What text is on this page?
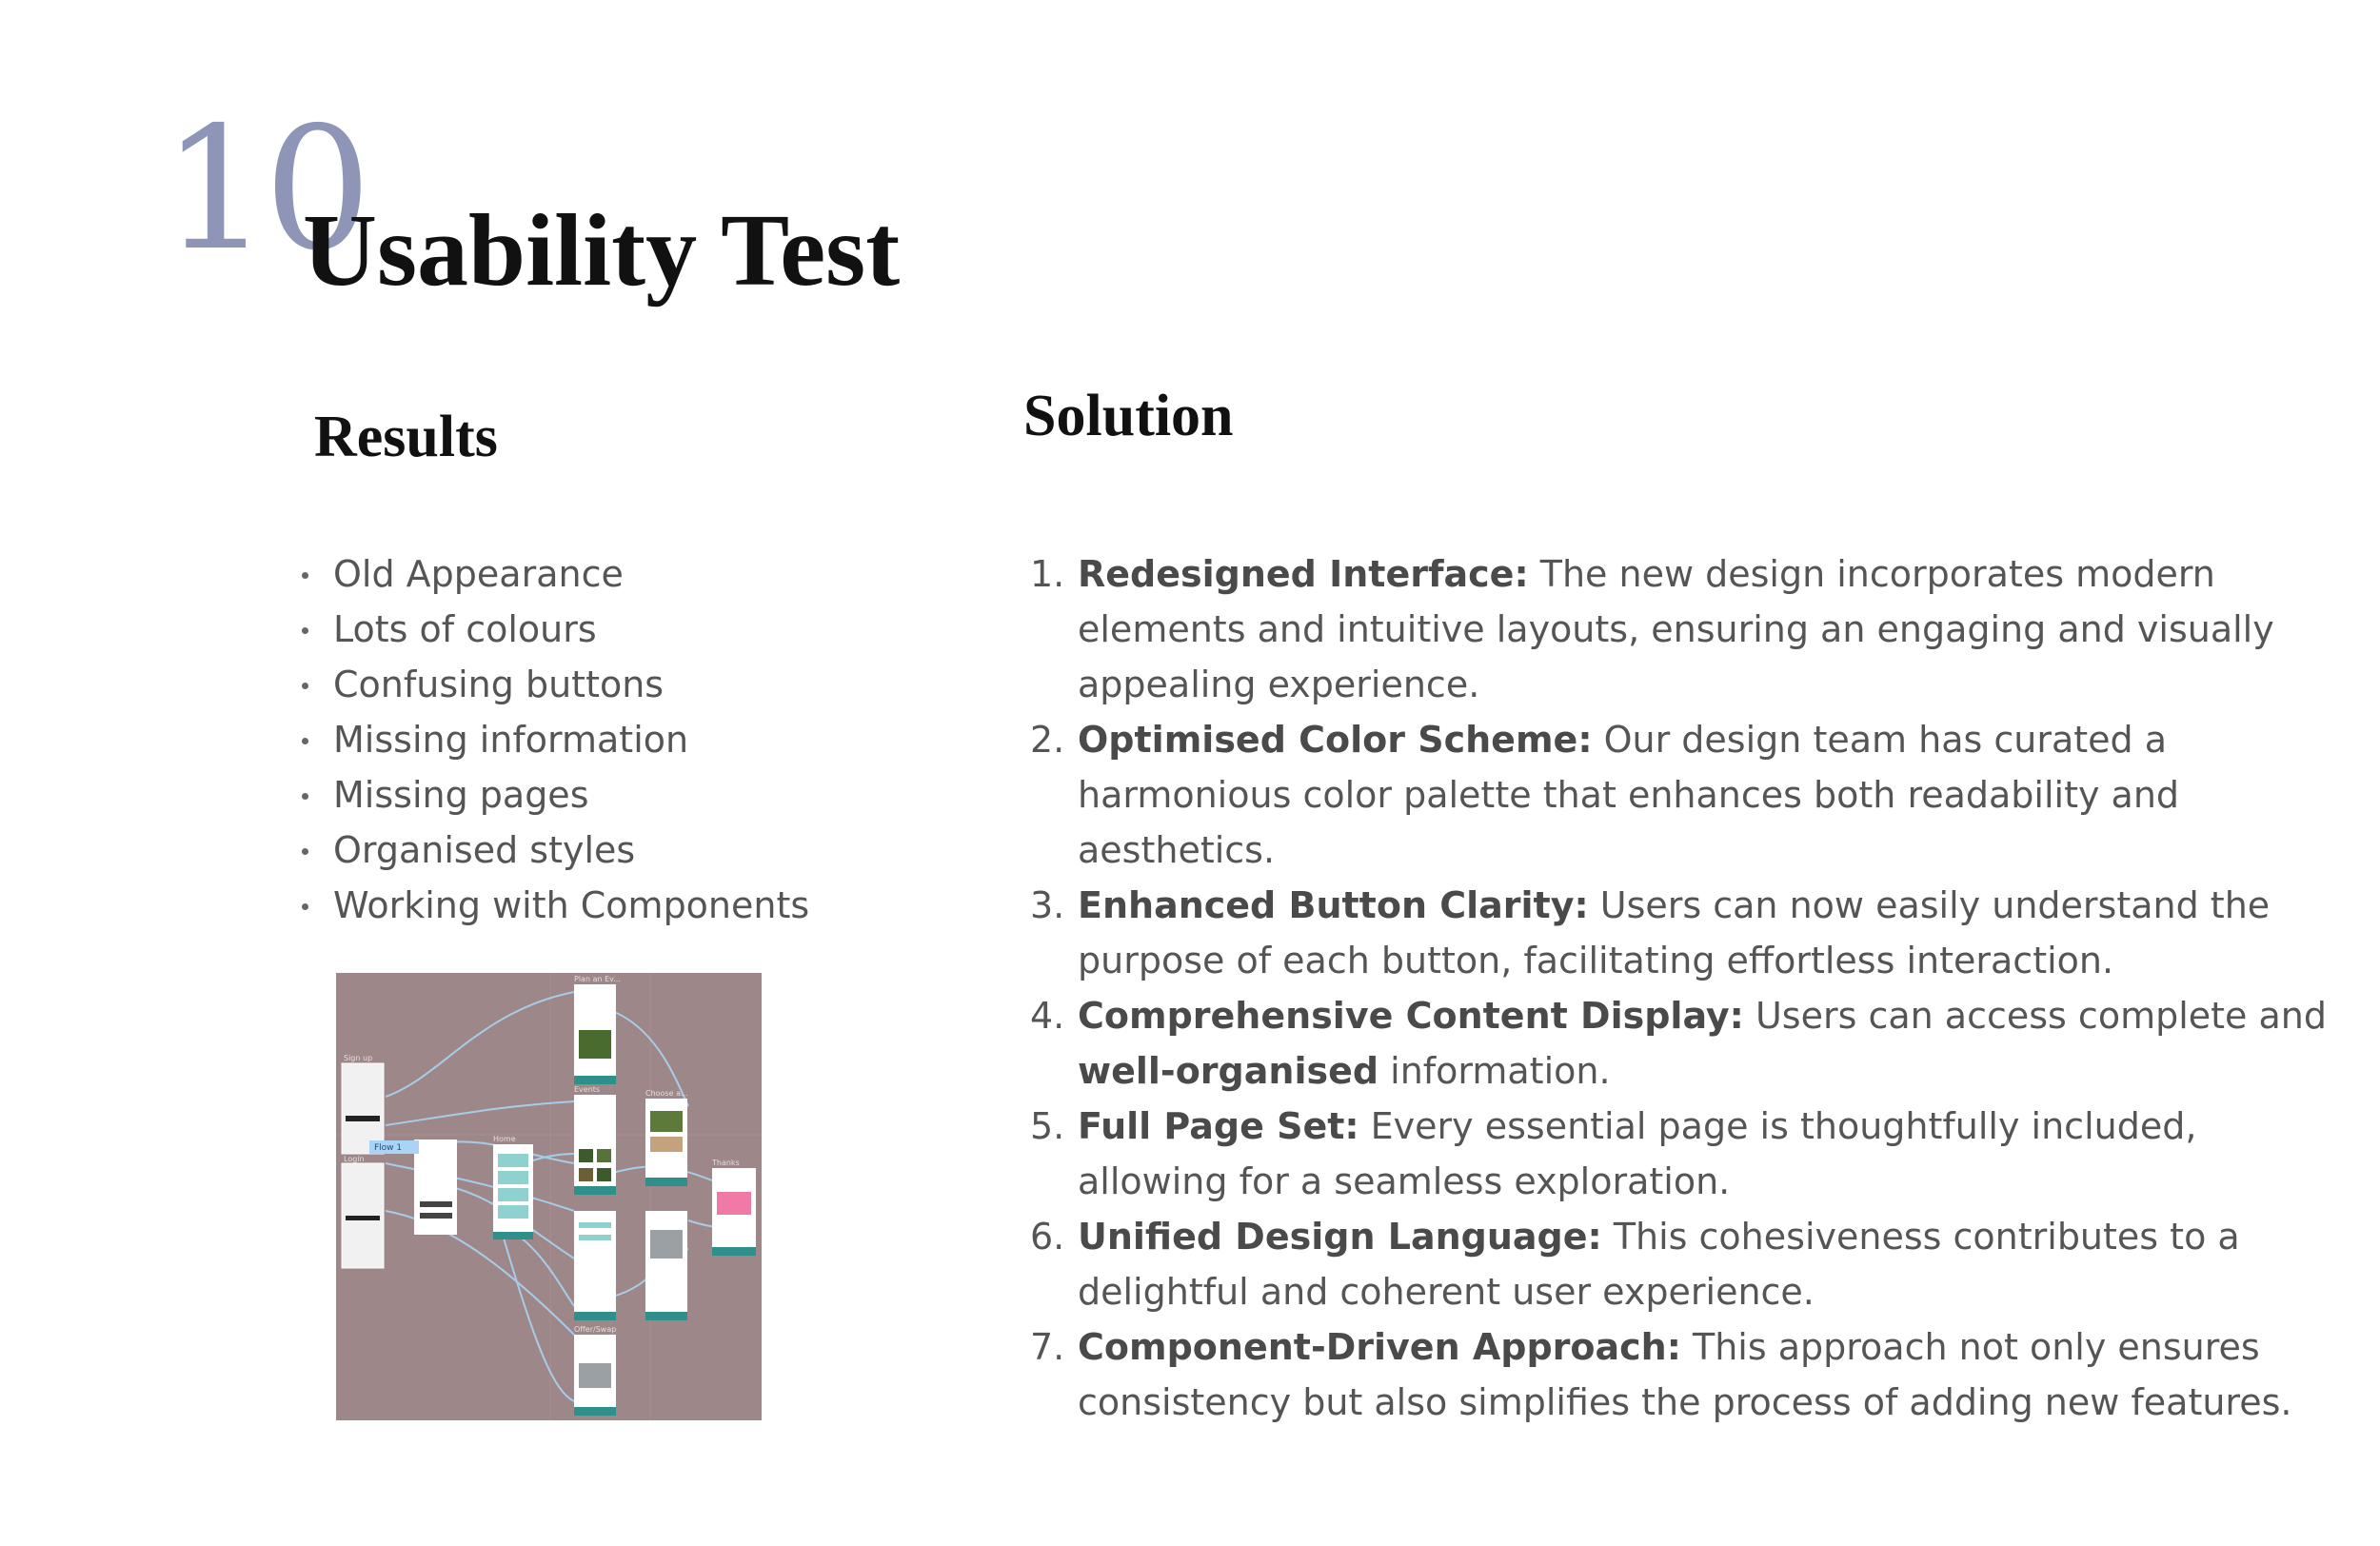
10
Usability Test
Results
Old Appearance
Lots of colours
Confusing buttons
Missing information
Missing pages
Organised styles
Working with Components
Sign up
Login
Home
Plan an Ev...
Events	Choose a...
Thanks
Offer/Swap
Flow 1
Solution
1. Redesigned Interface: The new design incorporates modern elements and intuitive layouts, ensuring an engaging and visually appealing experience.
2. Optimised Color Scheme: Our design team has curated a harmonious color palette that enhances both readability and aesthetics.
3. Enhanced Button Clarity: Users can now easily understand the purpose of each button, facilitating effortless interaction.
4. Comprehensive Content Display: Users can access complete and well-organised information.
5. Full Page Set: Every essential page is thoughtfully included, allowing for a seamless exploration.
6. Unified Design Language: This cohesiveness contributes to a delightful and coherent user experience.
7. Component-Driven Approach: This approach not only ensures consistency but also simplifies the process of adding new features.
